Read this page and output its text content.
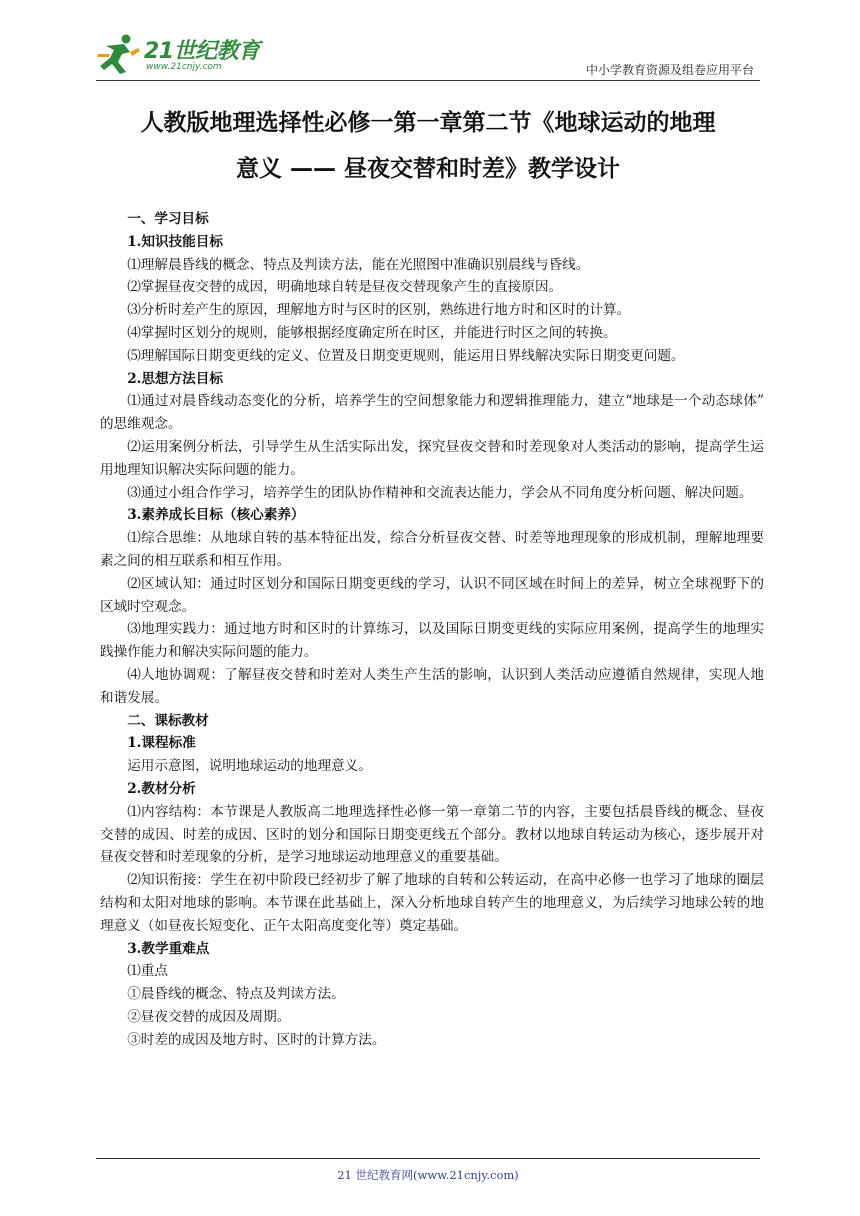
21世纪教育
www.21cnjy.com	中小学教育资源及组卷应用平台
人教版地理选择性必修一第一章第二节《地球运动的地理
意义 —— 昼夜交替和时差》教学设计

一、学习目标

1.知识技能目标

⑴理解晨昏线的概念、特点及判读方法，能在光照图中准确识别晨线与昏线。

⑵掌握昼夜交替的成因，明确地球自转是昼夜交替现象产生的直接原因。

⑶分析时差产生的原因，理解地方时与区时的区别，熟练进行地方时和区时的计算。

⑷掌握时区划分的规则，能够根据经度确定所在时区，并能进行时区之间的转换。

⑸理解国际日期变更线的定义、位置及日期变更规则，能运用日界线解决实际日期变更问题。

2.思想方法目标

⑴通过对晨昏线动态变化的分析，培养学生的空间想象能力和逻辑推理能力，建立“地球是一个动态球体” 的思维观念。

⑵运用案例分析法，引导学生从生活实际出发，探究昼夜交替和时差现象对人类活动的影响，提高学生运用地理知识解决实际问题的能力。

⑶通过小组合作学习，培养学生的团队协作精神和交流表达能力，学会从不同角度分析问题、解决问题。

3.素养成长目标（核心素养）

⑴综合思维：从地球自转的基本特征出发，综合分析昼夜交替、时差等地理现象的形成机制，理解地理要素之间的相互联系和相互作用。

⑵区域认知：通过时区划分和国际日期变更线的学习，认识不同区域在时间上的差异，树立全球视野下的区域时空观念。

⑶地理实践力：通过地方时和区时的计算练习，以及国际日期变更线的实际应用案例，提高学生的地理实践操作能力和解决实际问题的能力。

⑷人地协调观：了解昼夜交替和时差对人类生产生活的影响，认识到人类活动应遵循自然规律，实现人地和谐发展。

二、课标教材

1.课程标准

运用示意图，说明地球运动的地理意义。

2.教材分析

⑴内容结构：本节课是人教版高二地理选择性必修一第一章第二节的内容，主要包括晨昏线的概念、昼夜交替的成因、时差的成因、区时的划分和国际日期变更线五个部分。教材以地球自转运动为核心，逐步展开对昼夜交替和时差现象的分析，是学习地球运动地理意义的重要基础。

⑵知识衔接：学生在初中阶段已经初步了解了地球的自转和公转运动，在高中必修一也学习了地球的圈层结构和太阳对地球的影响。本节课在此基础上，深入分析地球自转产生的地理意义，为后续学习地球公转的地理意义（如昼夜长短变化、正午太阳高度变化等）奠定基础。

3.教学重难点

⑴重点

①晨昏线的概念、特点及判读方法。

②昼夜交替的成因及周期。

③时差的成因及地方时、区时的计算方法。

21 世纪教育网(www.21cnjy.com)
